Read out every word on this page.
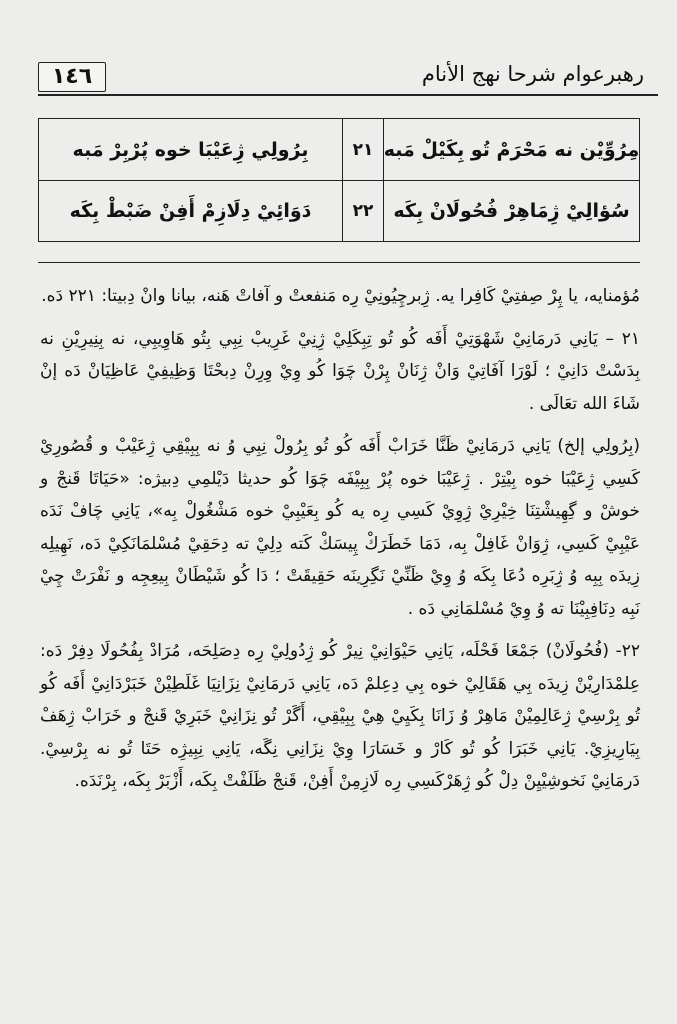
١٤٦	رهبرعوام شرحا نهج الأنام
مِرُوِّيْن نه مَحْرَمْ تُو بِكَيْلْ مَبه
٢١
بِرُولِي ژِعَيْبَا خوه پُرْبِرْ مَبه
سُؤالِيْ ژِمَاهِرْ فُحُولَانْ بِكَه
٢٢
دَوَائِيْ دِلَازِمْ أَفِنْ ضَبْطْ بِكَه

مُؤمنايه، يا پِرْ صِفتِيْ كَافِرا يه. ژِبرچِيُونِيْ رِه مَنفعتْ و آفاتْ هَنه، بيانا وانْ دِبيتا: ٢٢١ دَه.

٢١ – يَانِي دَرمَانِيْ شَهْوَتِيْ أَفَه كُو تُو تِبِكَلِيْ ژِنِيْ غَرِيبْ نِبِي بِتُو هَاوِيبِي، نه بِنِيرِيْنِ نه بِدَسْتْ دَانِيْ ؛ لَوْرَا آفَاتِيْ وَانْ ژِنَانْ پِرْنْ چَوَا كُو وِيْ وِرِنْ دِبحْتَا وَظِيفِيْ عَاظِيَانْ دَه إنْ شَاءَ الله تعَالَى .

(بِرُولِي إلخ) يَانِي دَرمَانِيْ ظَنَّا خَرَابْ أَفَه كُو تُو بِرُولْ نِبِي وُ نه بِبِيْقِي ژِعَيْبْ و قُصُورِيْ كَسِي ژِعَيْبَا خوه بِيْتِرْ . ژِعَيْبَا خوه پُرْ بِبِيْفَه چَوَا كُو حديثا دَيْلمِي دِبيژه: «حَيَاتَا قَنجْ و خوشْ و گِهِيشْتِنَا خِيْرِيْ ژِوِيْ كَسِي رِه يه كُو بِعَيْبِيْ خوه مَشْغُولْ بِه»، يَانِي چَافْ نَدَه عَيْبِيْ كَسِي، ژِوَانْ غَافِلْ بِه، دَمَا خَطَرَكْ پِيسَكْ كَته دِلِيْ ته دِحَقِيْ مُسْلمَانَكِيْ دَه، نَهِيلِه زِيدَه بِبِه وُ ژِبَرِه دُعَا بِكَه وُ وِيْ ظَنِّيْ نَگِرِينَه حَقِيقَتْ ؛ دَا كُو شَيْطَانْ بِيعِجِه و نَفْرَتْ چِيْ نَبِه دِنَافِبِيْنَا ته وُ وِيْ مُسْلمَانِي دَه .

٢٢- (فُحُولَانْ) جَمْعَا فَحْلَه، يَانِي حَيْوَانِيْ نِيرْ كُو ژِدُولِيْ رِه دِصَلِحَه، مُرَادْ بِفُحُولَا دِفِرْ دَه: عِلمْدَارِيْنْ زِيدَه بِي هَقَالِيْ خوه بِي دِعِلمْ دَه، يَانِي دَرمَانِيْ نِزَانِيَا غَلَطِيْنْ خَبَرْدَانِيْ أَفَه كُو تُو بِرْسِيْ ژِعَالِمِيْنْ مَاهِرْ وُ زَانَا بِكَيِيْ هِيْ بِبِيْقِي، أَگَرْ تُو نِزَانِيْ خَبَرِيْ قَنجْ و خَرَابْ ژِهَفْ بِيَارِيزِيْ. يَانِي خَبَرَا كُو تُو كَارْ و خَسَارَا وِيْ نِزَانِي نِگَه، يَانِي نِبِيژِه حَتَا تُو نه بِرْسِيْ. دَرمَانِيْ نَخوشِيْيِنْ دِلْ كُو ژِهَرْكَسِي رِه لَازِمِنْ أَفِنْ، قَنجْ ظَلَفْتْ بِكَه، أَزْبَرْ بِكَه، بِرْنَدَه.
